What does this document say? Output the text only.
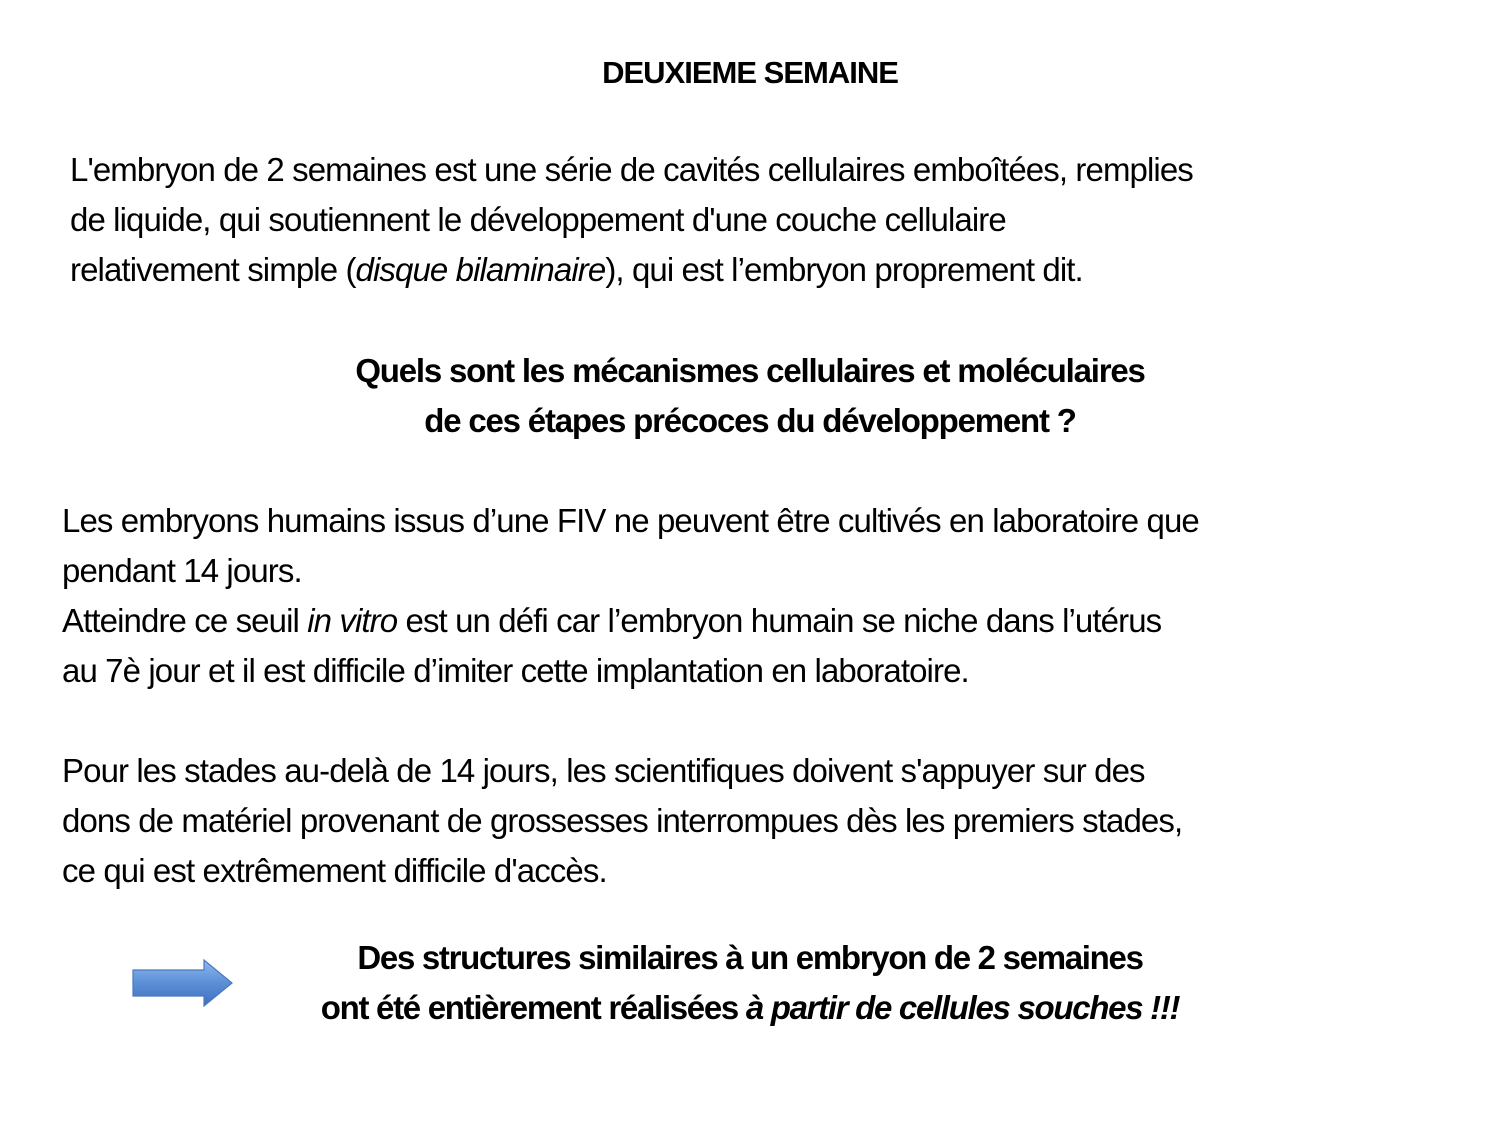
DEUXIEME SEMAINE
L'embryon de 2 semaines est une série de cavités cellulaires emboîtées, remplies
de liquide, qui soutiennent le développement d'une couche cellulaire
relativement simple (disque bilaminaire), qui est l’embryon proprement dit.
Quels sont les mécanismes cellulaires et moléculaires
de ces étapes précoces du développement ?
Les embryons humains issus d’une FIV ne peuvent être cultivés en laboratoire que
pendant 14 jours.
Atteindre ce seuil in vitro est un défi car l’embryon humain se niche dans l’utérus
au 7è jour et il est difficile d’imiter cette implantation en laboratoire.
Pour les stades au-delà de 14 jours, les scientifiques doivent s'appuyer sur des
dons de matériel provenant de grossesses interrompues dès les premiers stades,
ce qui est extrêmement difficile d'accès.
Des structures similaires à un embryon de 2 semaines
ont été entièrement réalisées à partir de cellules souches !!!
